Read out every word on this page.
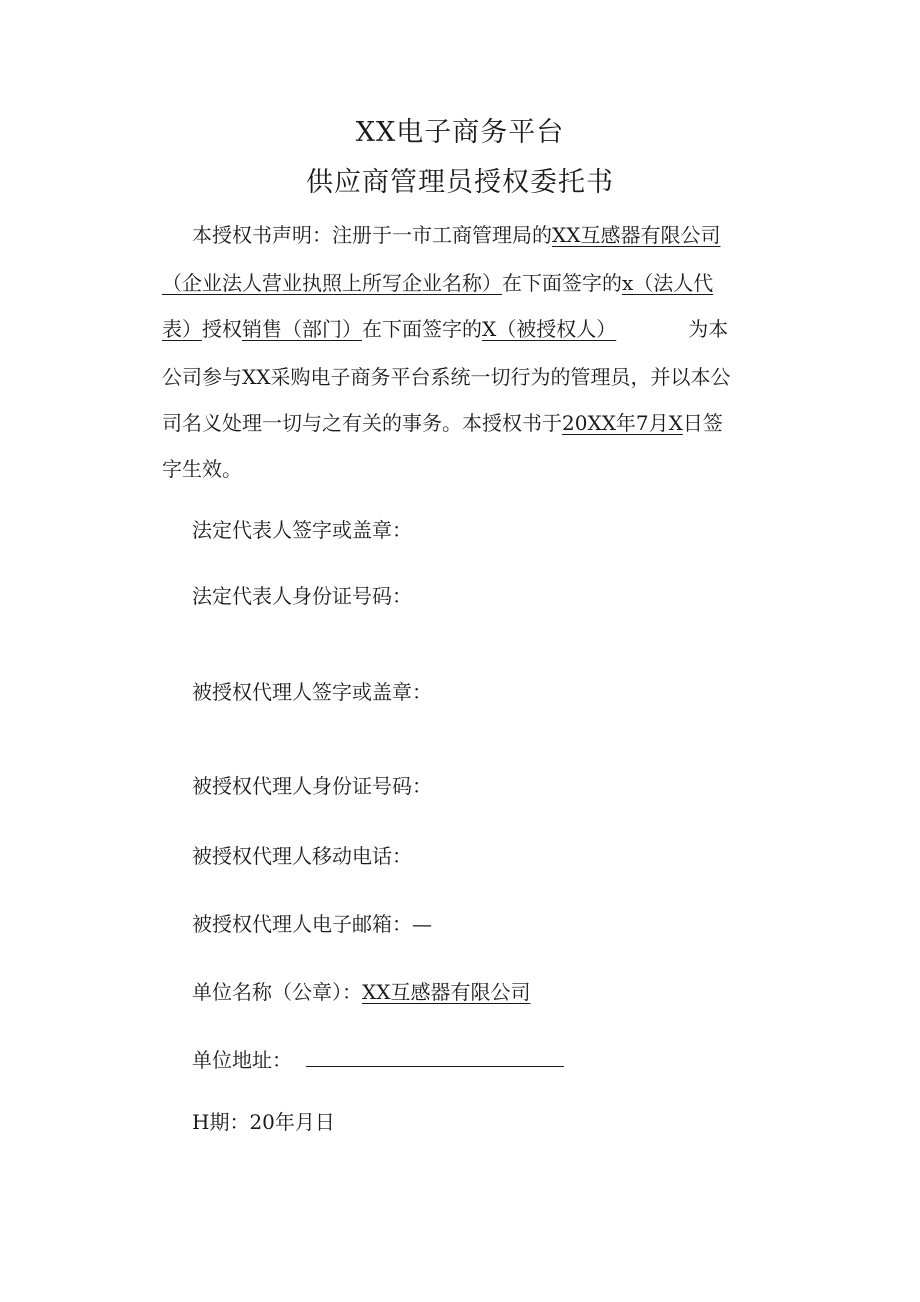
XX电子商务平台
供应商管理员授权委托书
本授权书声明：注册于一市工商管理局的XX互感器有限公司
（企业法人营业执照上所写企业名称）在下面签字的x（法人代
表）授权销售（部门）在下面签字的X（被授权人）	为本
公司参与XX采购电子商务平台系统一切行为的管理员，并以本公
司名义处理一切与之有关的事务。本授权书于20XX年7月X日签
字生效。
法定代表人签字或盖章：
法定代表人身份证号码：
被授权代理人签字或盖章：
被授权代理人身份证号码：
被授权代理人移动电话：
被授权代理人电子邮箱：—
单位名称（公章）：XX互感器有限公司
单位地址：
H期：20年月日
